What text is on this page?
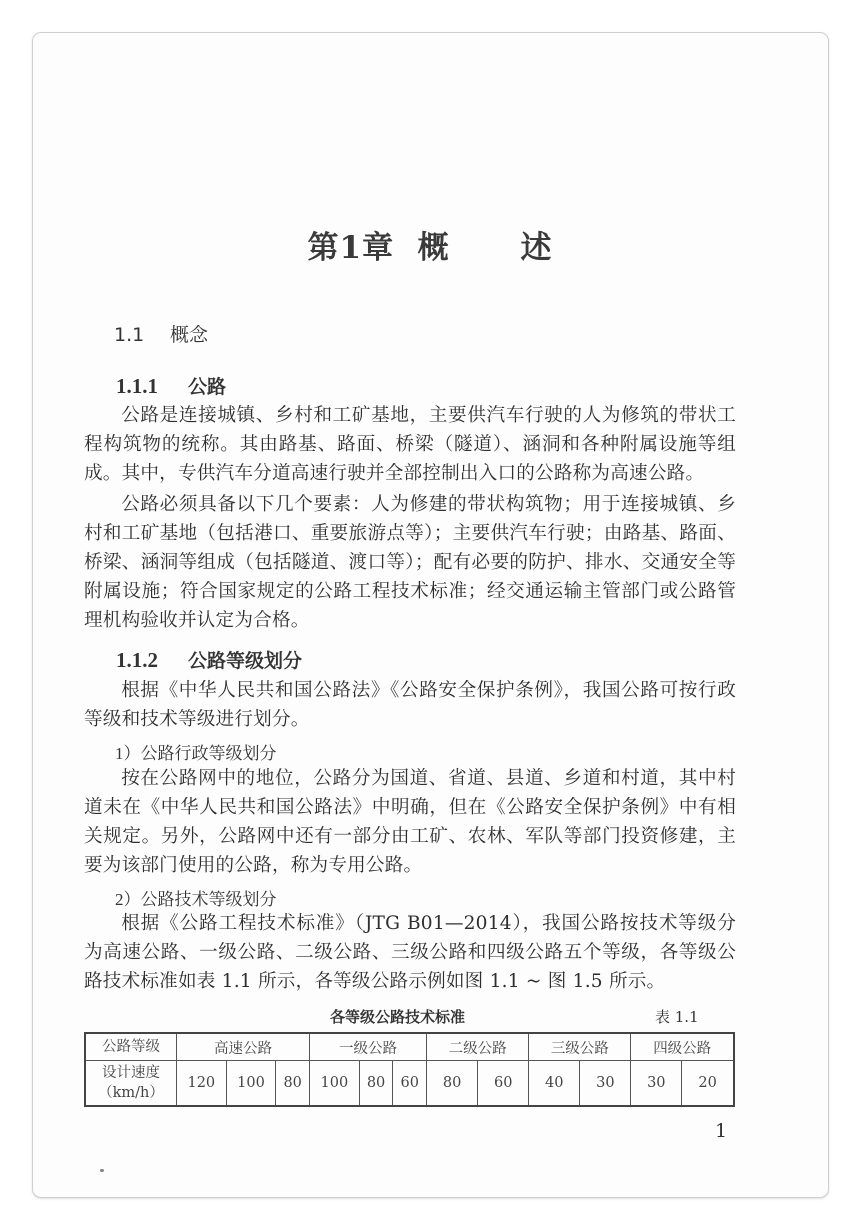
第1章  概      述
1.1 概念
1.1.1 公路
公路是连接城镇、乡村和工矿基地，主要供汽车行驶的人为修筑的带状工程构筑物的统称。其由路基、路面、桥梁（隧道）、涵洞和各种附属设施等组成。其中，专供汽车分道高速行驶并全部控制出入口的公路称为高速公路。
公路必须具备以下几个要素：人为修建的带状构筑物；用于连接城镇、乡村和工矿基地（包括港口、重要旅游点等）；主要供汽车行驶；由路基、路面、桥梁、涵洞等组成（包括隧道、渡口等）；配有必要的防护、排水、交通安全等附属设施；符合国家规定的公路工程技术标准；经交通运输主管部门或公路管理机构验收并认定为合格。
1.1.2 公路等级划分
根据《中华人民共和国公路法》《公路安全保护条例》，我国公路可按行政等级和技术等级进行划分。
1）公路行政等级划分
按在公路网中的地位，公路分为国道、省道、县道、乡道和村道，其中村道未在《中华人民共和国公路法》中明确，但在《公路安全保护条例》中有相关规定。另外，公路网中还有一部分由工矿、农林、军队等部门投资修建，主要为该部门使用的公路，称为专用公路。
2）公路技术等级划分
根据《公路工程技术标准》（JTG B01—2014），我国公路按技术等级分为高速公路、一级公路、二级公路、三级公路和四级公路五个等级，各等级公路技术标准如表 1.1 所示，各等级公路示例如图 1.1 ~ 图 1.5 所示。
各等级公路技术标准	表 1.1
公路等级	高速公路			一级公路			二级公路		三级公路		四级公路	

设计速度
（km/h）	120	100	80	100	80	60	80	60	40	30	30	20
1
